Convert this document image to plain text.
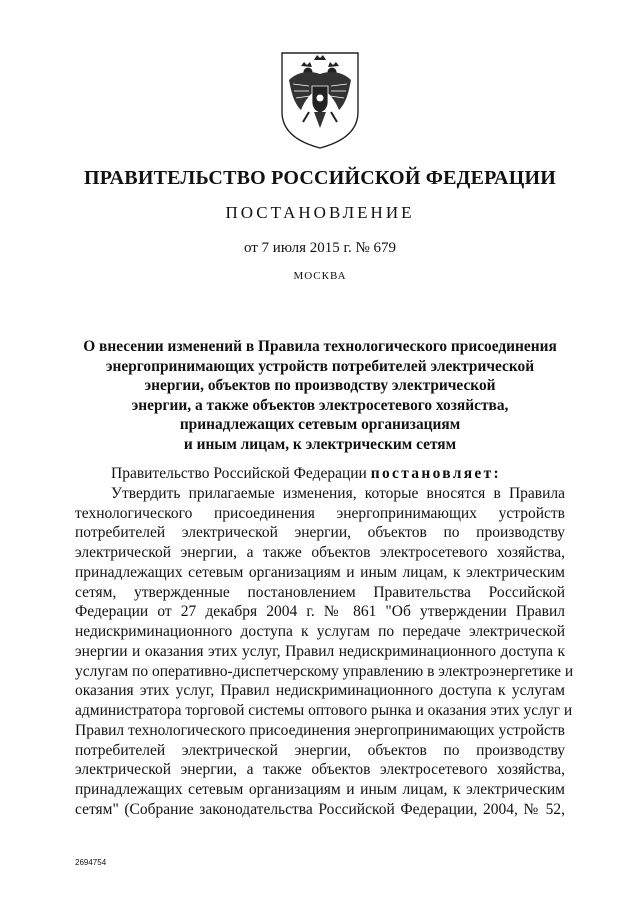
ПРАВИТЕЛЬСТВО РОССИЙСКОЙ ФЕДЕРАЦИИ
ПОСТАНОВЛЕНИЕ
от 7 июля 2015 г. № 679
МОСКВА
О внесении изменений в Правила технологического присоединения
энергопринимающих устройств потребителей электрической
энергии, объектов по производству электрической
энергии, а также объектов электросетевого хозяйства,
принадлежащих сетевым организациям
и иным лицам, к электрическим сетям
Правительство Российской Федерации постановляет:
Утвердить прилагаемые изменения, которые вносятся в Правила
технологического присоединения энергопринимающих устройств
потребителей электрической энергии, объектов по производству
электрической энергии, а также объектов электросетевого хозяйства,
принадлежащих сетевым организациям и иным лицам, к электрическим
сетям, утвержденные постановлением Правительства Российской
Федерации от 27 декабря 2004 г. № 861 "Об утверждении Правил
недискриминационного доступа к услугам по передаче электрической
энергии и оказания этих услуг, Правил недискриминационного доступа к
услугам по оперативно-диспетчерскому управлению в электроэнергетике и
оказания этих услуг, Правил недискриминационного доступа к услугам
администратора торговой системы оптового рынка и оказания этих услуг и
Правил технологического присоединения энергопринимающих устройств
потребителей электрической энергии, объектов по производству
электрической энергии, а также объектов электросетевого хозяйства,
принадлежащих сетевым организациям и иным лицам, к электрическим
сетям" (Собрание законодательства Российской Федерации, 2004, № 52,
2694754
